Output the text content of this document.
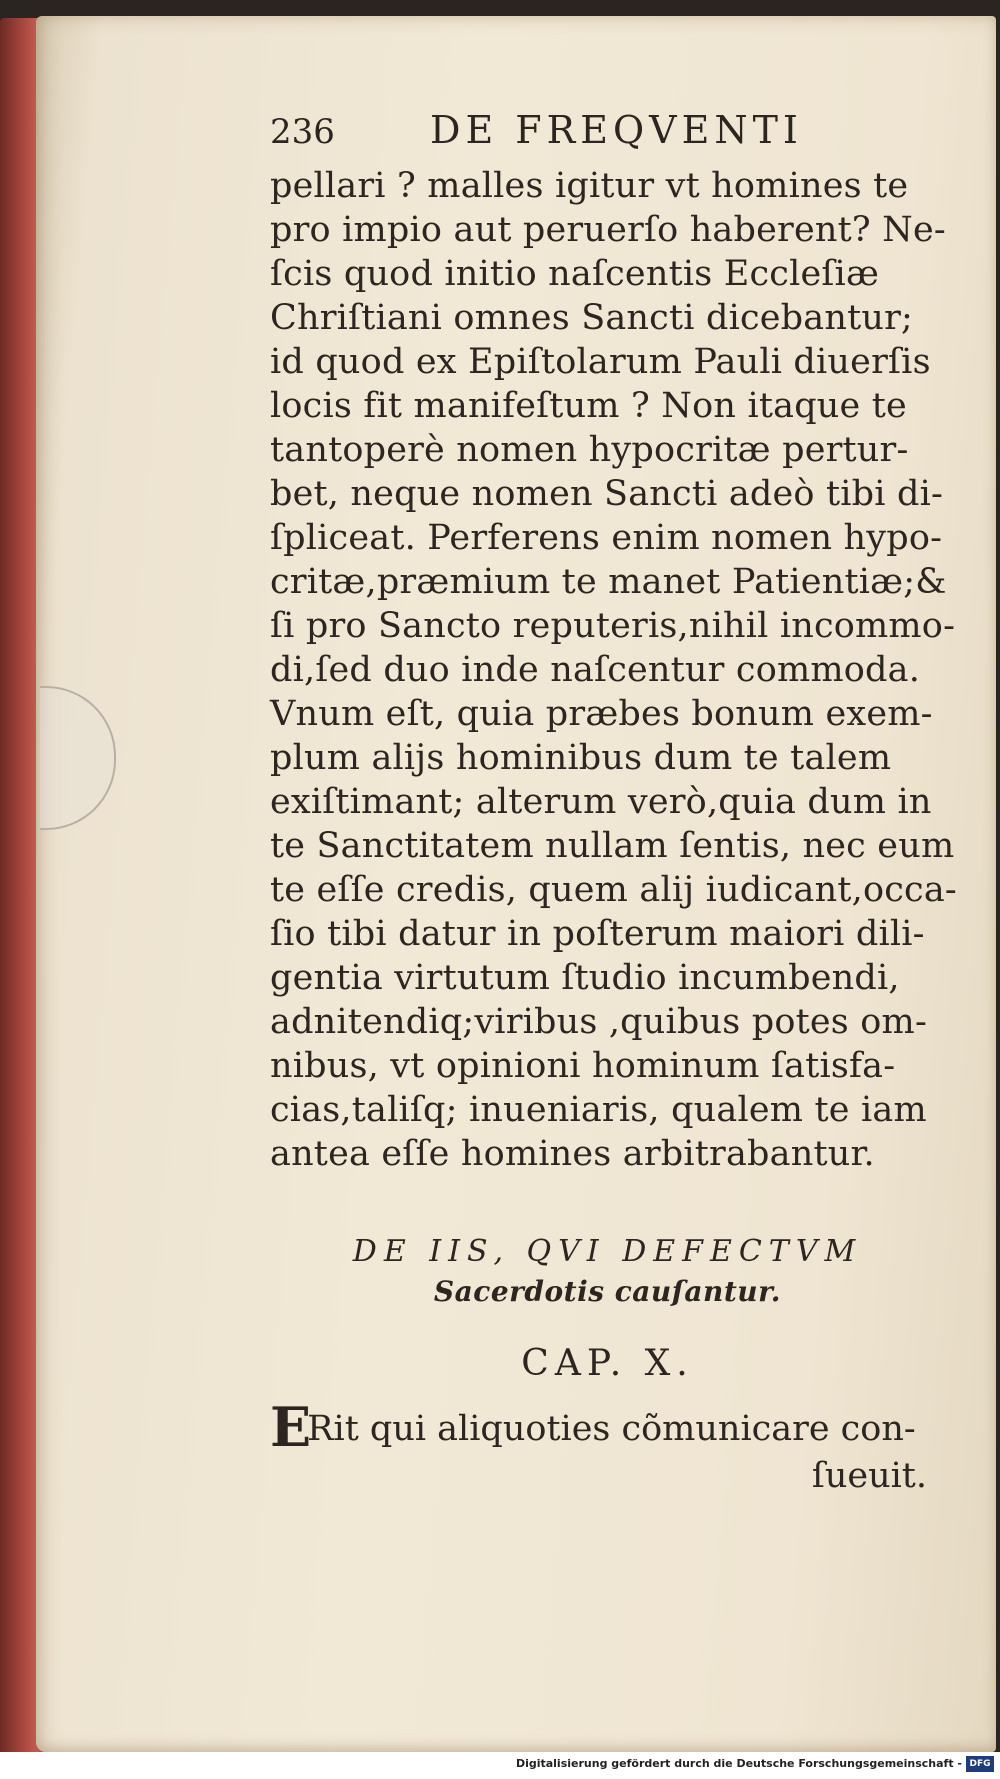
236	DE FREQVENTI
pellari ? malles igitur vt homines te
pro impio aut peruerſo haberent? Ne-
ſcis quod initio naſcentis Eccleſiæ
Chriſtiani omnes Sancti dicebantur;
id quod ex Epiſtolarum Pauli diuerſis
locis fit manifeſtum ? Non itaque te
tantoperè nomen hypocritæ pertur-
bet, neque nomen Sancti adeò tibi di-
ſpliceat. Perferens enim nomen hypo-
critæ,præmium te manet Patientiæ;&
ſi pro Sancto reputeris,nihil incommo-
di,ſed duo inde naſcentur commoda.
Vnum eſt, quia præbes bonum exem-
plum alijs hominibus dum te talem
exiſtimant; alterum verò,quia dum in
te Sanctitatem nullam ſentis, nec eum
te eſſe credis, quem alij iudicant,occa-
ſio tibi datur in poſterum maiori dili-
gentia virtutum ſtudio incumbendi,
adnitendiq;viribus ,quibus potes om-
nibus, vt opinioni hominum ſatisfa-
cias,taliſq; inueniaris, qualem te iam
antea eſſe homines arbitrabantur.
DE IIS, QVI DEFECTVM
Sacerdotis cauſantur.
CAP. X.
ERit qui aliquoties cõmunicare con-
ſueuit.
Digitalisierung gefördert durch die Deutsche Forschungsgemeinschaft - DFG
